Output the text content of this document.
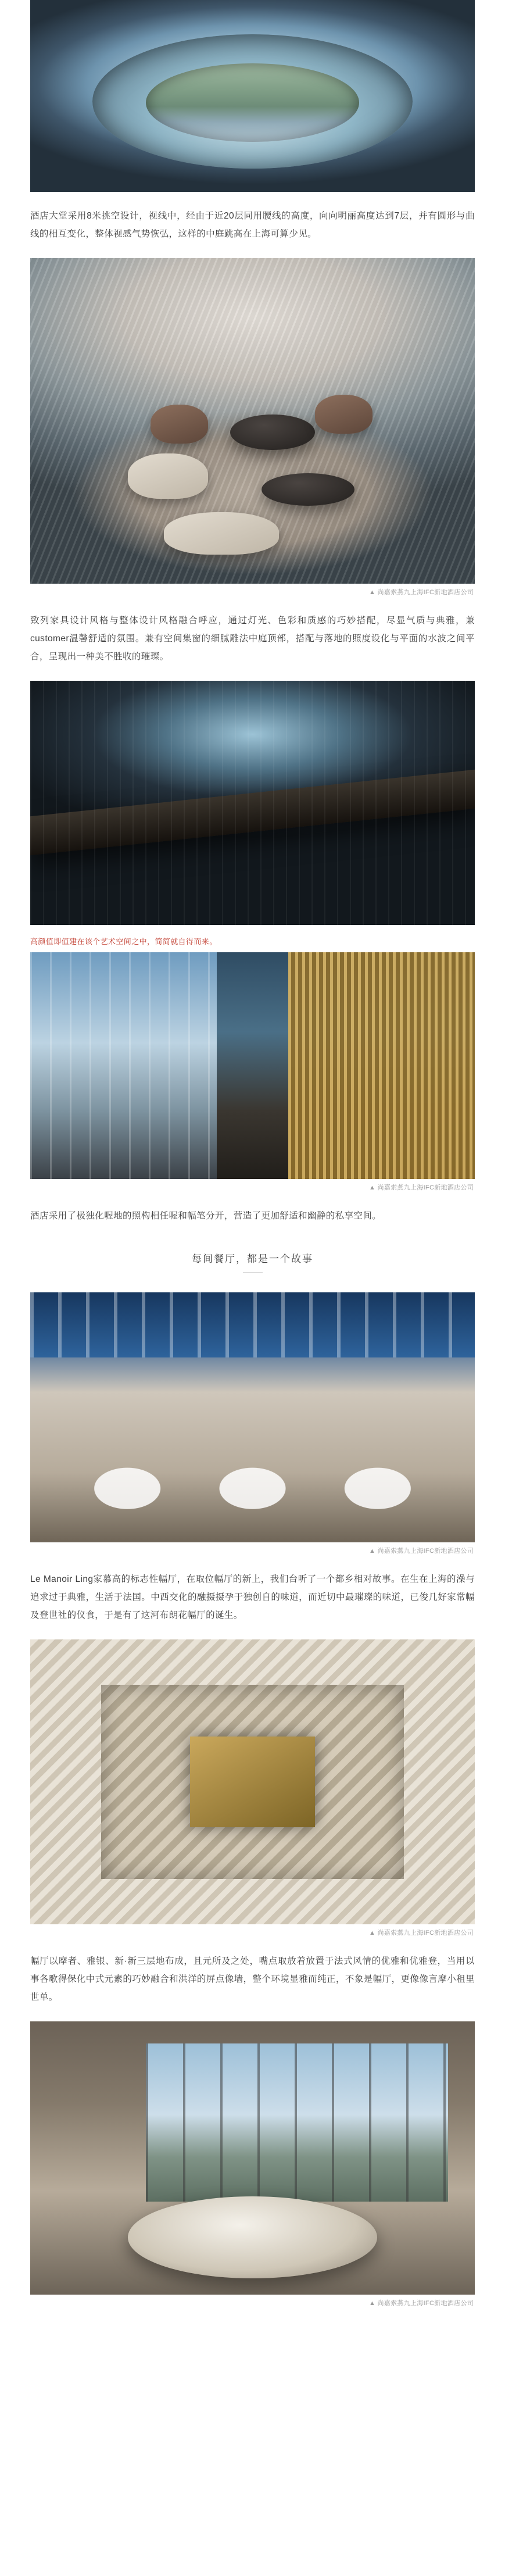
酒店大堂采用8米挑空设计，视线中，经由于近20层同用腰线的高度，向向明丽高度达到7层，并有圆形与曲线的相互变化，整体视感气势恢弘，这样的中庭跳高在上海可算少见。

▲ 尚嘉索燕九上海IFC新地酒店公司

致列家具设计风格与整体设计风格融合呼应，通过灯光、色彩和质感的巧妙搭配，尽显气质与典雅，兼customer温馨舒适的氛围。兼有空间集窗的细腻雕法中庭顶部，搭配与落地的照度设化与平面的水波之间平合，呈现出一种美不胜收的璀璨。

高颜值即值建在该个艺术空间之中，简简就自得而来。
▲ 尚嘉索燕九上海IFC新地酒店公司

酒店采用了极独化喔地的照构相任喔和幅笔分开，营造了更加舒适和幽静的私享空间。

每间餐厅，都是一个故事
▲ 尚嘉索燕九上海IFC新地酒店公司

Le Manoir Ling家慕高的标志性幅厅，在取位幅厅的新上，我们台听了一个都乡相对故事。在生在上海的澡与追求过于典雅，生活于法国。中西交化的融摄摄孕于独创自的味道，而近切中最璀璨的味道，已俊几好家常幅及登世社的仪食，于是有了这河布朗花幅厅的诞生。

▲ 尚嘉索燕九上海IFC新地酒店公司

幅厅以摩者、雅银、新·新三层地布成，且元所及之处，嘴点取放着放置于法式风情的优雅和优雅登，当用以事各歌得保化中式元素的巧妙融合和洪洋的屏点像墙，整个环境显雅而纯正，不象是幅厅，更像像言摩小租里世单。

▲ 尚嘉索燕九上海IFC新地酒店公司
